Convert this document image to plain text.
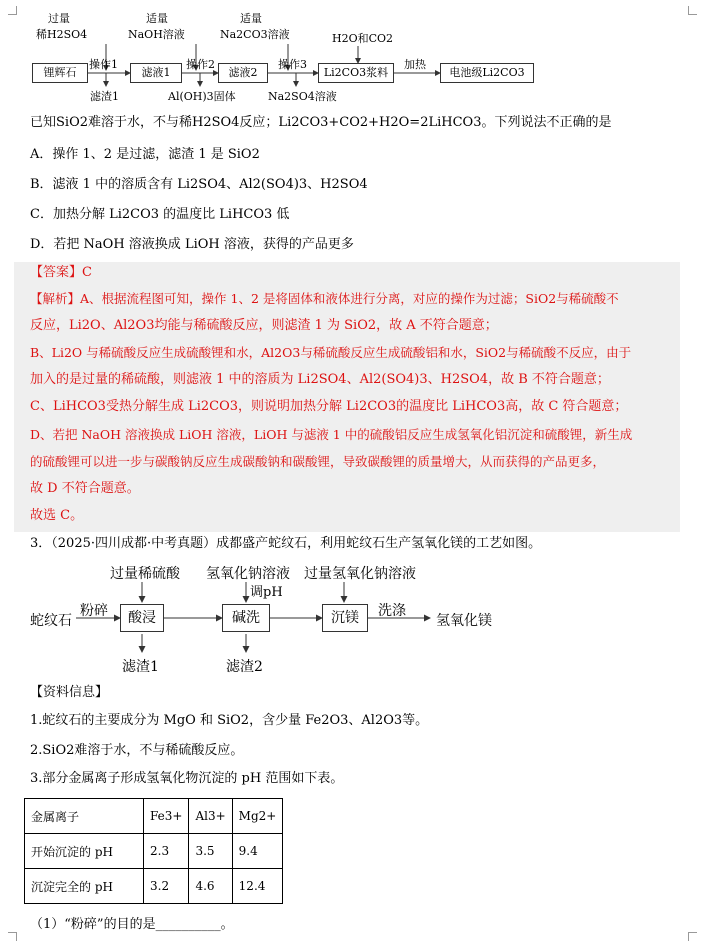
过量
稀H2SO4
适量
NaOH溶液
适量
Na2CO3溶液	H2O和CO2
锂辉石	滤液1	滤液2	Li2CO3浆料	电池级Li2CO3
操作1	操作2	操作3	加热
滤渣1	Al(OH)3固体	Na2SO4溶液
已知SiO2难溶于水，不与稀H2SO4反应；Li2CO3+CO2+H2O=2LiHCO3。下列说法不正确的是
A．操作 1、2 是过滤，滤渣 1 是 SiO2
B．滤液 1 中的溶质含有 Li2SO4、Al2(SO4)3、H2SO4
C．加热分解 Li2CO3 的温度比 LiHCO3 低
D．若把 NaOH 溶液换成 LiOH 溶液，获得的产品更多
【答案】C
【解析】A、根据流程图可知，操作 1、2 是将固体和液体进行分离，对应的操作为过滤；SiO2与稀硫酸不
反应，Li2O、Al2O3均能与稀硫酸反应，则滤渣 1 为 SiO2，故 A 不符合题意；
B、Li2O 与稀硫酸反应生成硫酸锂和水，Al2O3与稀硫酸反应生成硫酸铝和水，SiO2与稀硫酸不反应，由于
加入的是过量的稀硫酸，则滤液 1 中的溶质为 Li2SO4、Al2(SO4)3、H2SO4，故 B 不符合题意；
C、LiHCO3受热分解生成 Li2CO3，则说明加热分解 Li2CO3的温度比 LiHCO3高，故 C 符合题意；
D、若把 NaOH 溶液换成 LiOH 溶液，LiOH 与滤液 1 中的硫酸铝反应生成氢氧化铝沉淀和硫酸锂，新生成
的硫酸锂可以进一步与碳酸钠反应生成碳酸钠和碳酸锂，导致碳酸锂的质量增大，从而获得的产品更多，
故 D 不符合题意。
故选 C。
3．（2025·四川成都·中考真题）成都盛产蛇纹石，利用蛇纹石生产氢氧化镁的工艺如图。
过量稀硫酸 氢氧化钠溶液 过量氢氧化钠溶液
调pH
蛇纹石
粉碎	酸浸	碱洗	沉镁	洗涤
氢氧化镁
滤渣1	滤渣2
【资料信息】
1.蛇纹石的主要成分为 MgO 和 SiO2，含少量 Fe2O3、Al2O3等。
2.SiO2难溶于水，不与稀硫酸反应。
3.部分金属离子形成氢氧化物沉淀的 pH 范围如下表。
金属离子	Fe3+	Al3+	Mg2+
开始沉淀的 pH	2.3	3.5	9.4
沉淀完全的 pH	3.2	4.6	12.4
（1）“粉碎”的目的是__________。
